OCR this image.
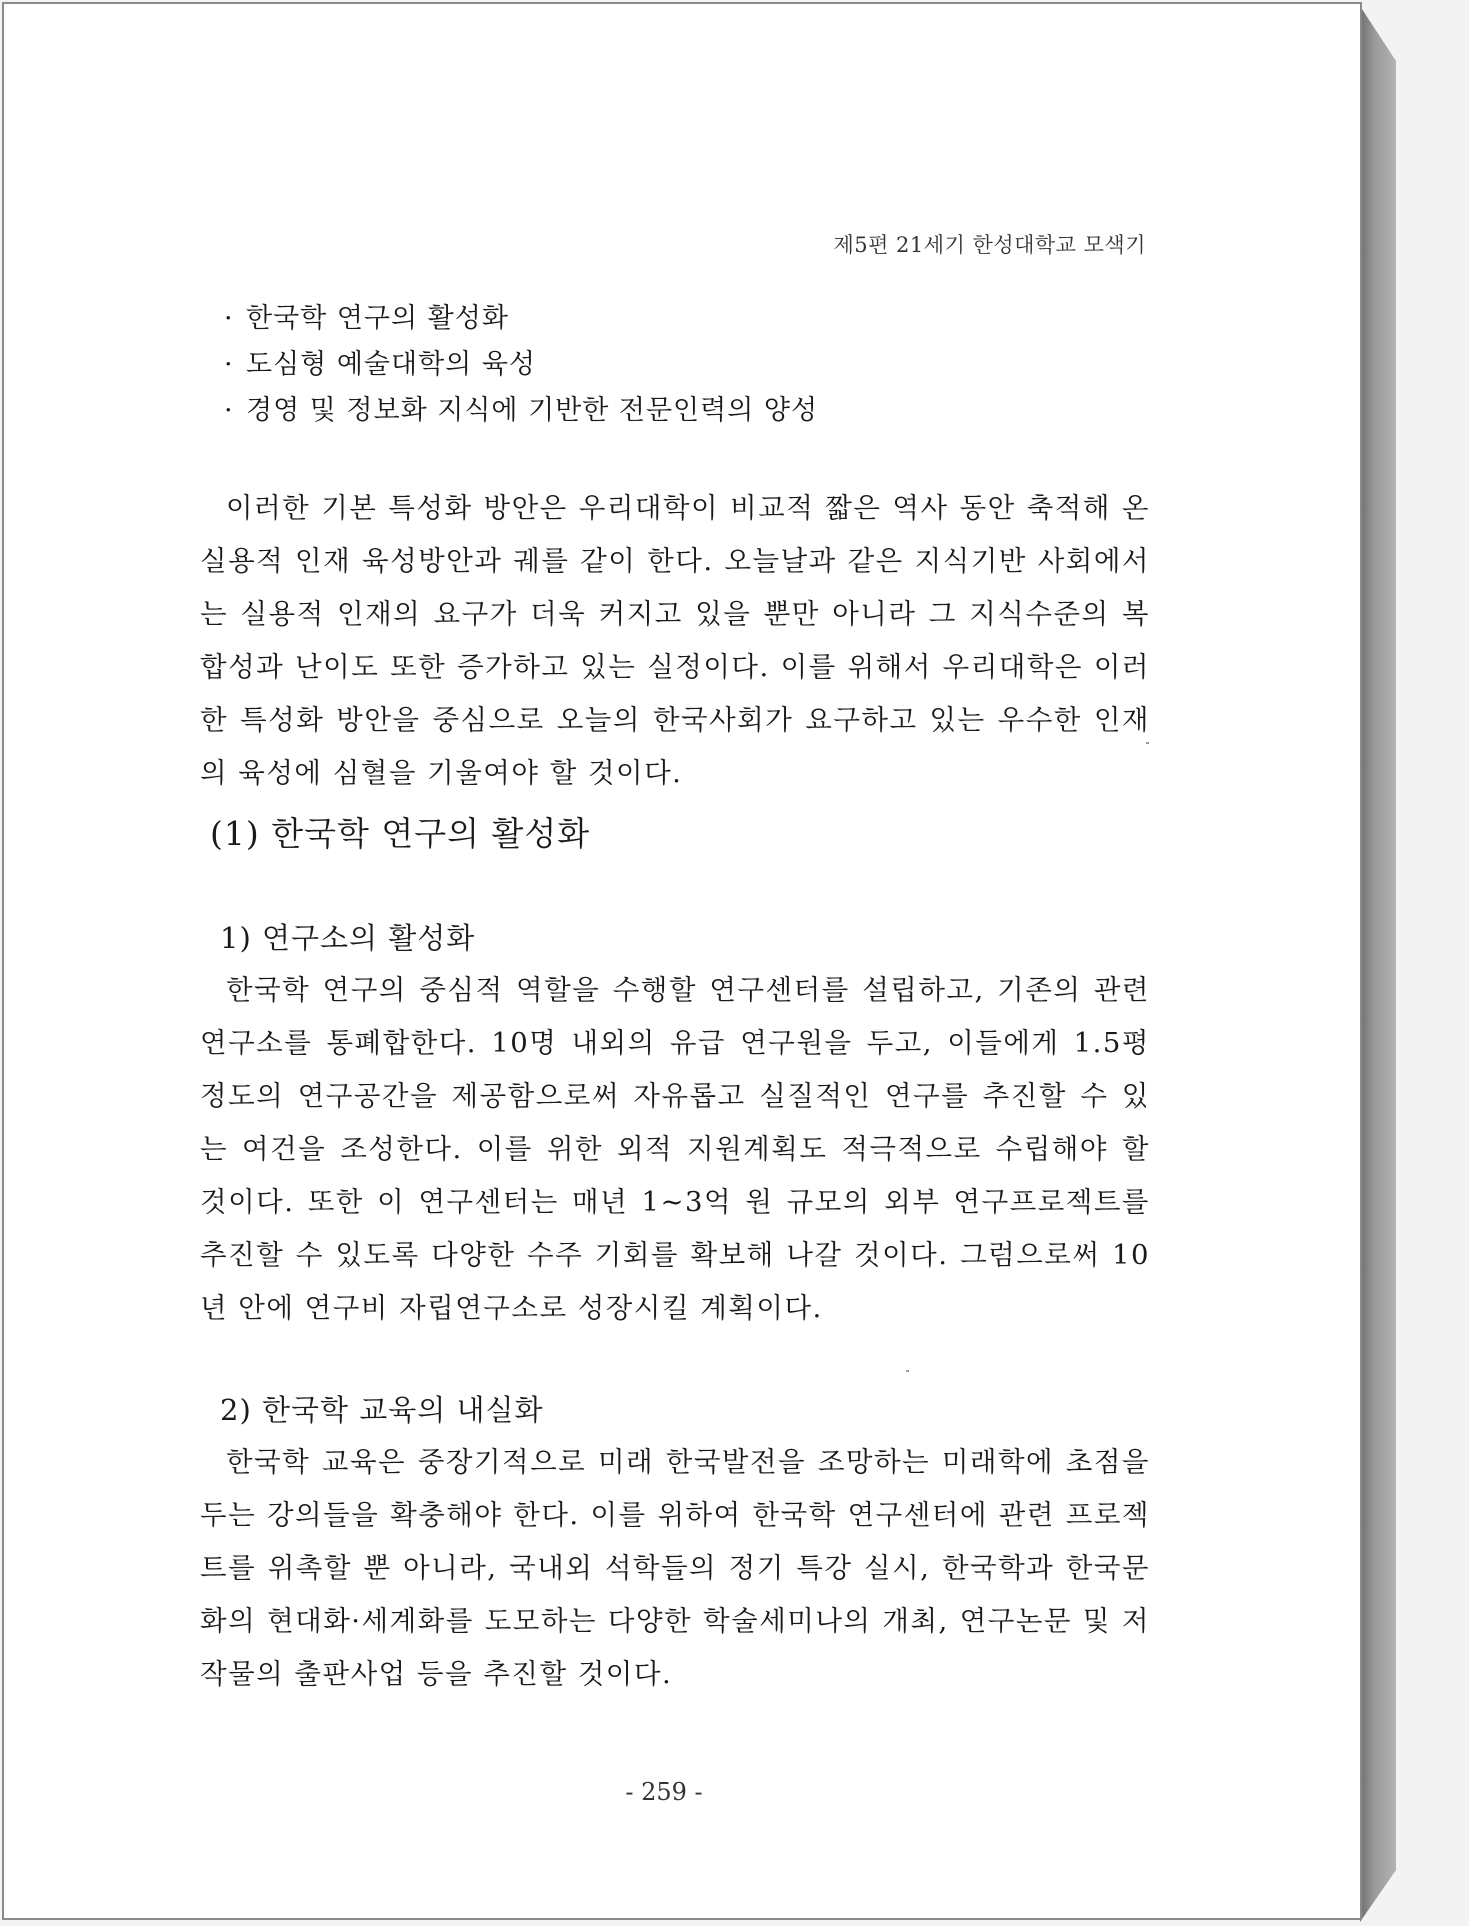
제5편 21세기 한성대학교 모색기
· 한국학 연구의 활성화
· 도심형 예술대학의 육성
· 경영 및 정보화 지식에 기반한 전문인력의 양성

이러한 기본 특성화 방안은 우리대학이 비교적 짧은 역사 동안 축적해 온 실용적 인재 육성방안과 궤를 같이 한다. 오늘날과 같은 지식기반 사회에서는 실용적 인재의 요구가 더욱 커지고 있을 뿐만 아니라 그 지식수준의 복합성과 난이도 또한 증가하고 있는 실정이다. 이를 위해서 우리대학은 이러한 특성화 방안을 중심으로 오늘의 한국사회가 요구하고 있는 우수한 인재의 육성에 심혈을 기울여야 할 것이다.

(1) 한국학 연구의 활성화
1) 연구소의 활성화

한국학 연구의 중심적 역할을 수행할 연구센터를 설립하고, 기존의 관련 연구소를 통폐합한다. 10명 내외의 유급 연구원을 두고, 이들에게 1.5평 정도의 연구공간을 제공함으로써 자유롭고 실질적인 연구를 추진할 수 있는 여건을 조성한다. 이를 위한 외적 지원계획도 적극적으로 수립해야 할 것이다. 또한 이 연구센터는 매년 1~3억 원 규모의 외부 연구프로젝트를 추진할 수 있도록 다양한 수주 기회를 확보해 나갈 것이다. 그럼으로써 10년 안에 연구비 자립연구소로 성장시킬 계획이다.

2) 한국학 교육의 내실화

한국학 교육은 중장기적으로 미래 한국발전을 조망하는 미래학에 초점을 두는 강의들을 확충해야 한다. 이를 위하여 한국학 연구센터에 관련 프로젝트를 위촉할 뿐 아니라, 국내외 석학들의 정기 특강 실시, 한국학과 한국문화의 현대화·세계화를 도모하는 다양한 학술세미나의 개최, 연구논문 및 저작물의 출판사업 등을 추진할 것이다.

- 259 -
